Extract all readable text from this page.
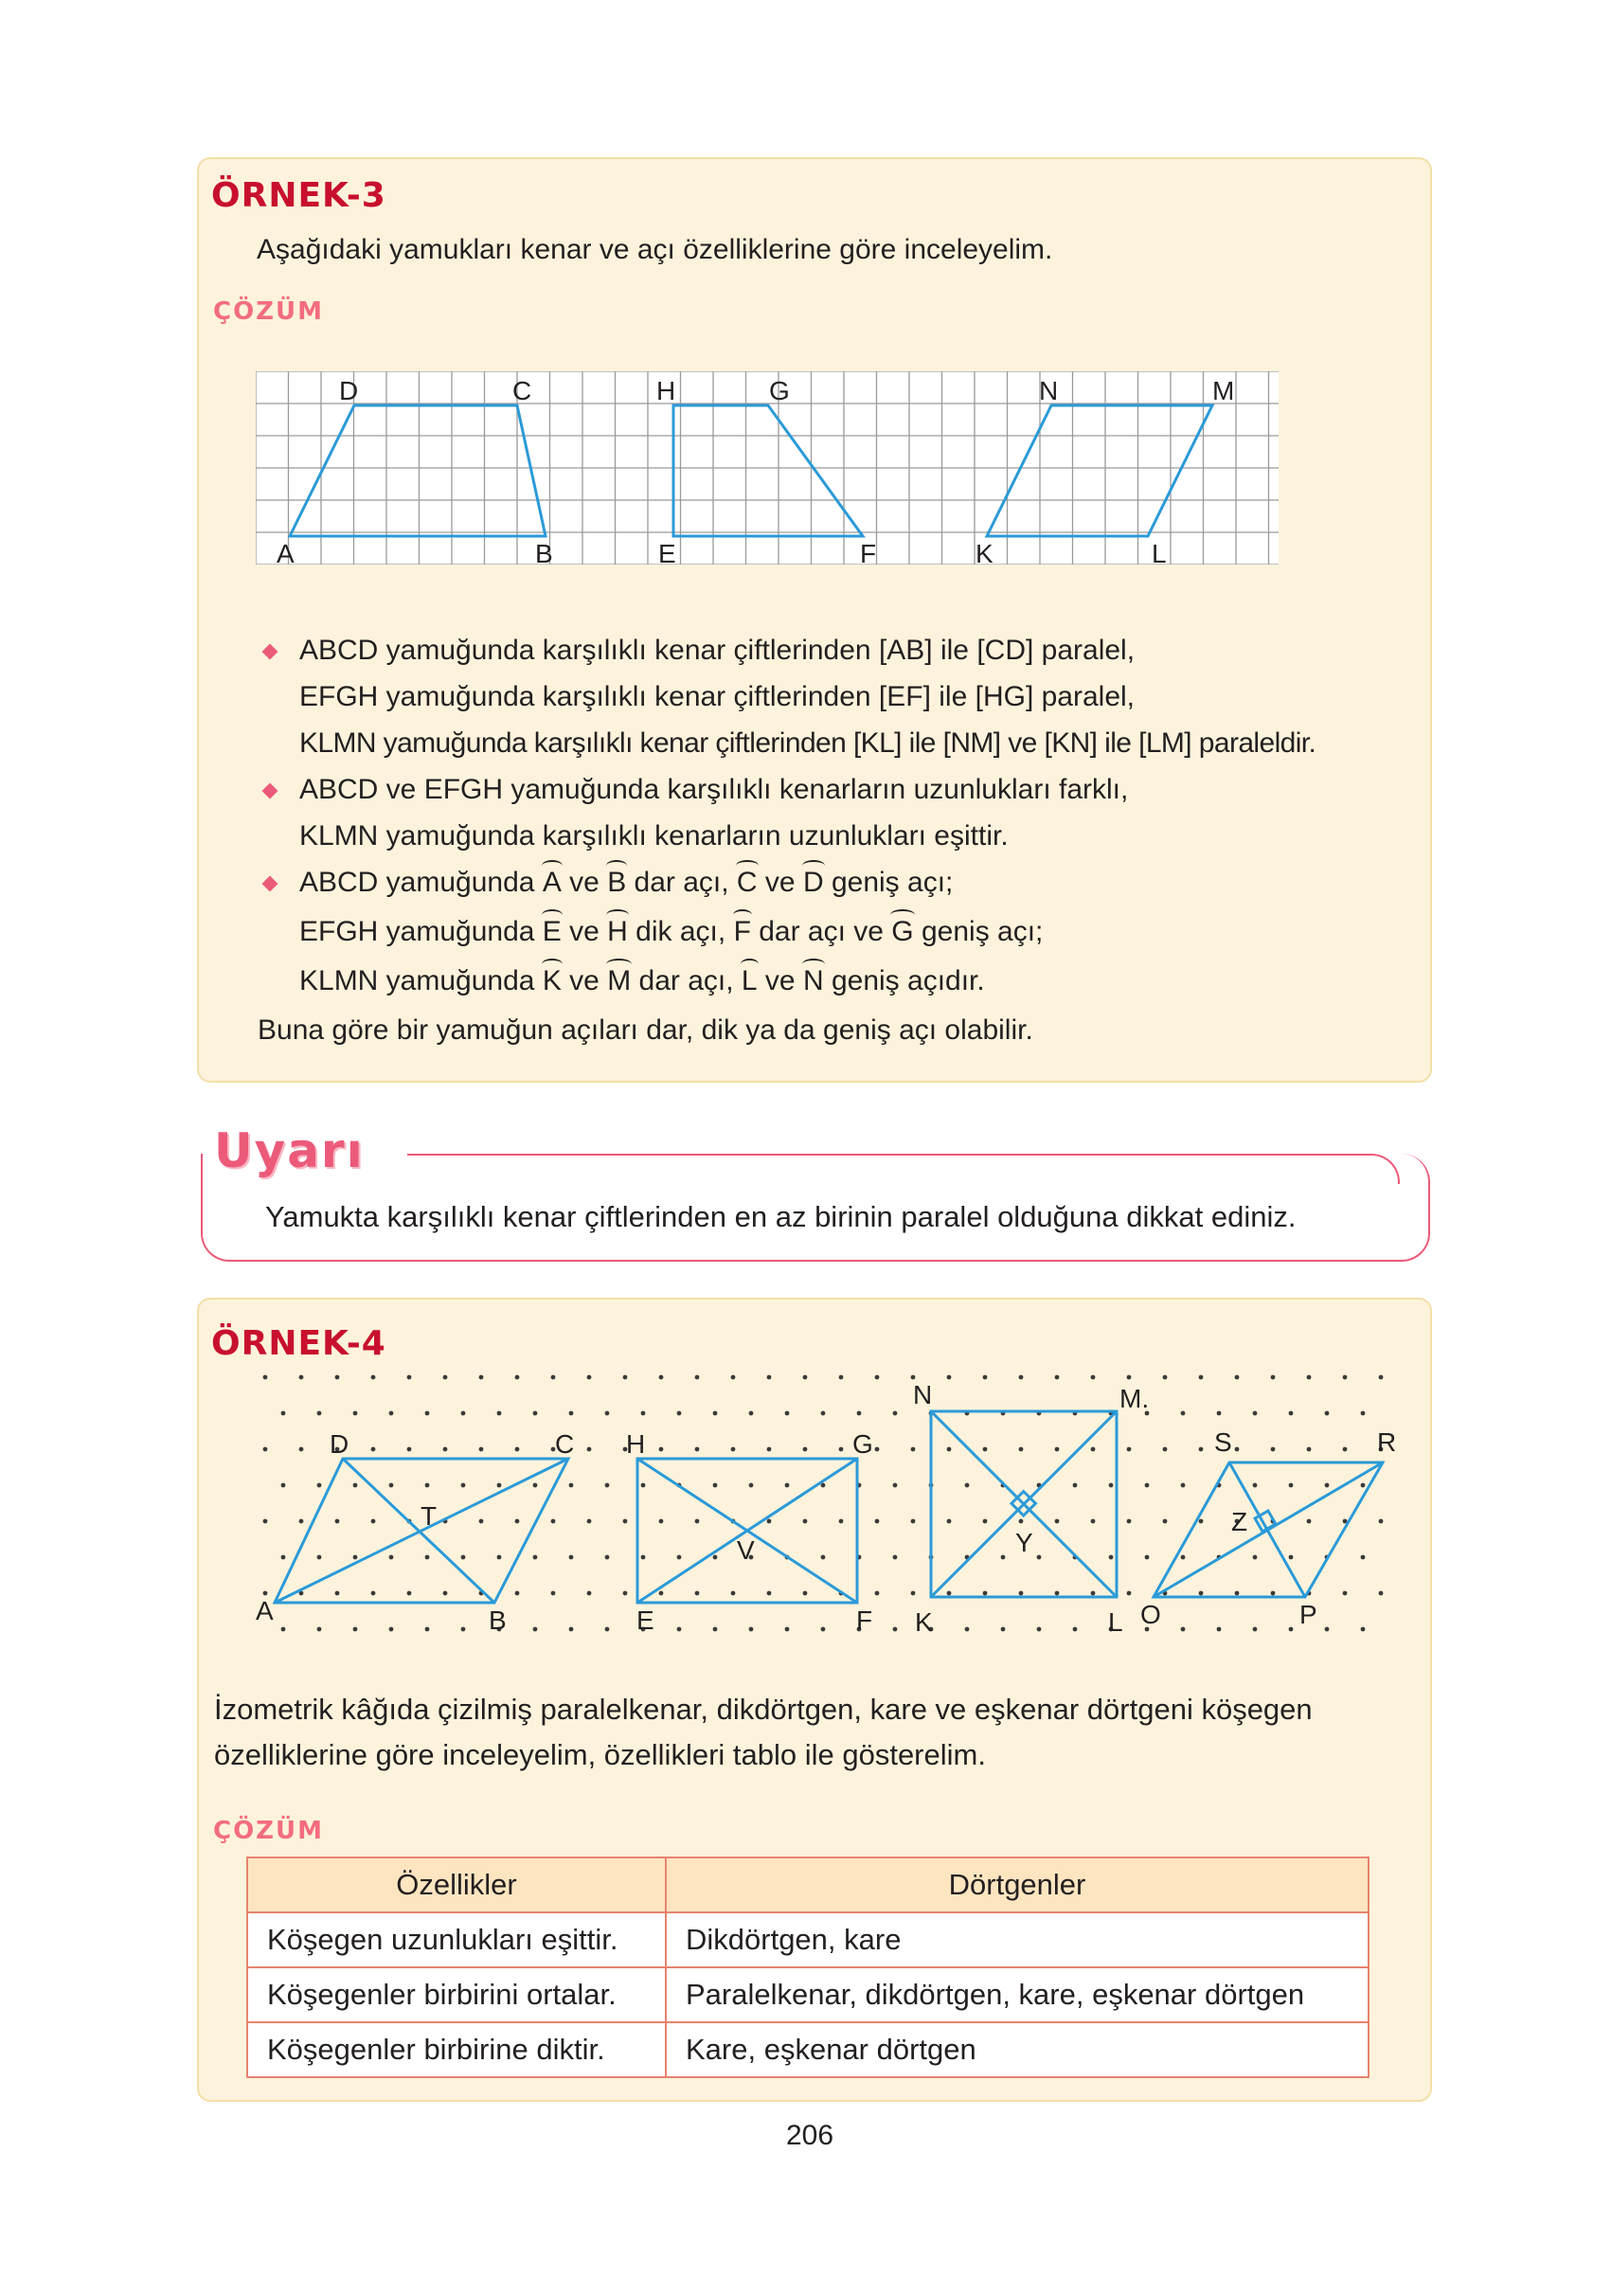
ÖRNEK-3
Aşağıdaki yamukları kenar ve açı özelliklerine göre inceleyelim.
ÇÖZÜM
D	C
A	B
H	G
E	F
N	M
K	L
ABCD yamuğunda karşılıklı kenar çiftlerinden [AB] ile [CD] paralel,
EFGH yamuğunda karşılıklı kenar çiftlerinden [EF] ile [HG] paralel,
KLMN yamuğunda karşılıklı kenar çiftlerinden [KL] ile [NM] ve [KN] ile [LM] paraleldir.
ABCD ve EFGH yamuğunda karşılıklı kenarların uzunlukları farklı,
KLMN yamuğunda karşılıklı kenarların uzunlukları eşittir.
ABCD yamuğunda A ve B dar açı, C ve D geniş açı;
EFGH yamuğunda E ve H dik açı, F dar açı ve G geniş açı;
KLMN yamuğunda K ve M dar açı, L ve N geniş açıdır.
Buna göre bir yamuğun açıları dar, dik ya da geniş açı olabilir.
Uyarı
Yamukta karşılıklı kenar çiftlerinden en az birinin paralel olduğuna dikkat ediniz.
ÖRNEK-4
D	C
T
A	B
H	G
V
E	F
N	M.
Y
K	L
S	R
Z
O	P
İzometrik kâğıda çizilmiş paralelkenar, dikdörtgen, kare ve eşkenar dörtgeni köşegen
özelliklerine göre inceleyelim, özellikleri tablo ile gösterelim.
ÇÖZÜM
Özellikler	Dörtgenler
Köşegen uzunlukları eşittir.	Dikdörtgen, kare
Köşegenler birbirini ortalar.	Paralelkenar, dikdörtgen, kare, eşkenar dörtgen
Köşegenler birbirine diktir.	Kare, eşkenar dörtgen
206
